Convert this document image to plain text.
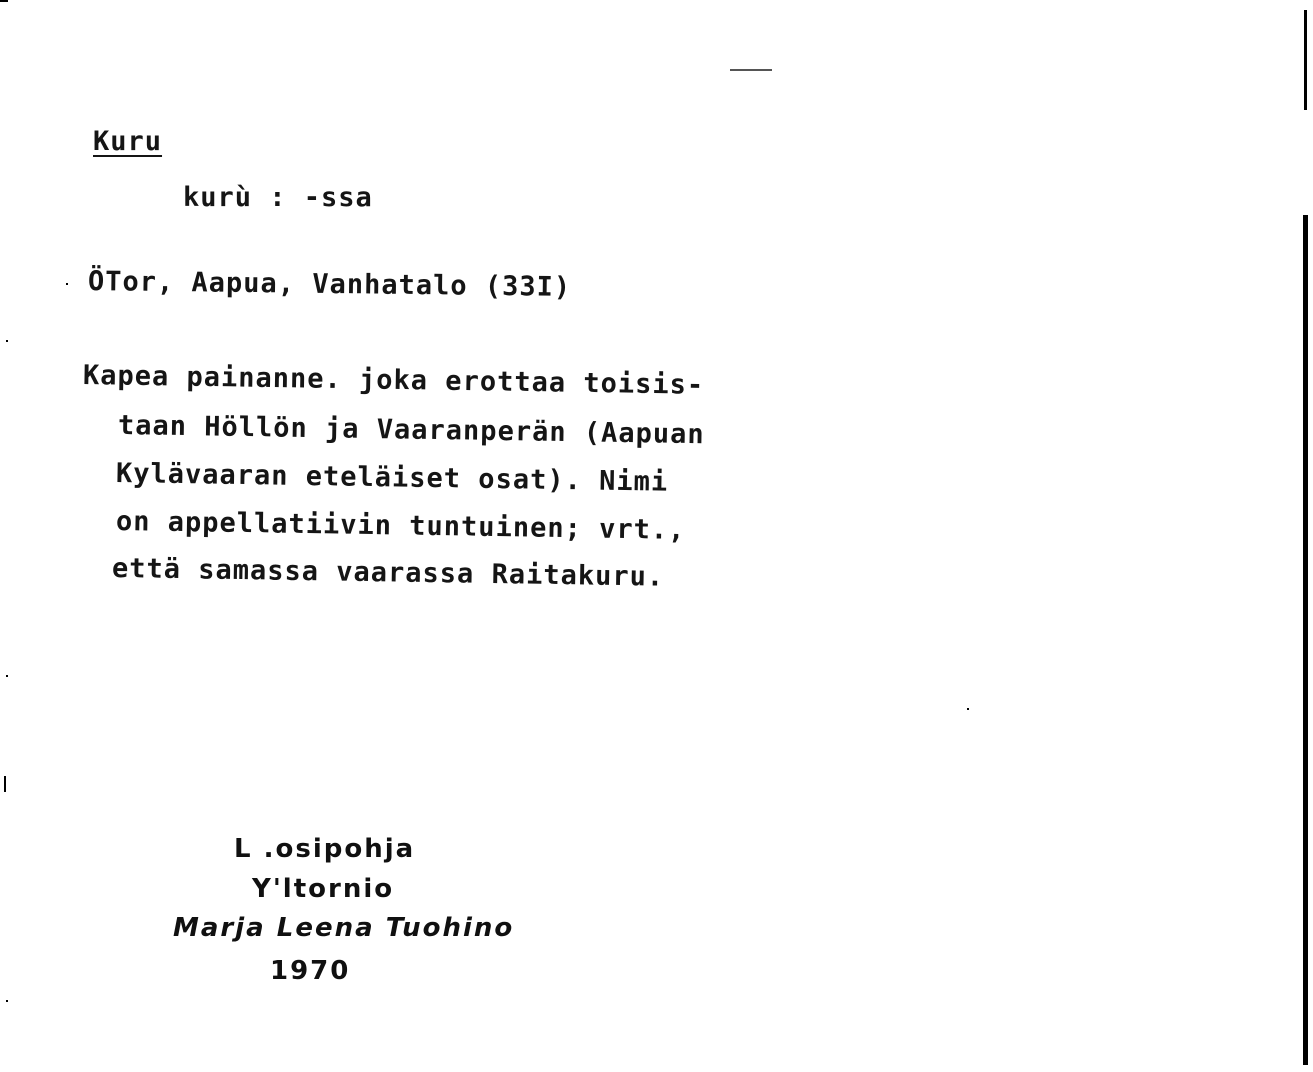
Kuru
kurù : -ssa
ÖTor, Aapua, Vanhatalo (33I)
Kapea painanne. joka erottaa toisis-
taan Höllön ja Vaaranperän (Aapuan
Kylävaaran eteläiset osat). Nimi
on appellatiivin tuntuinen; vrt.,
että samassa vaarassa Raitakuru.
L .osipohja
Y'ltornio
Marja Leena Tuohino
1970
